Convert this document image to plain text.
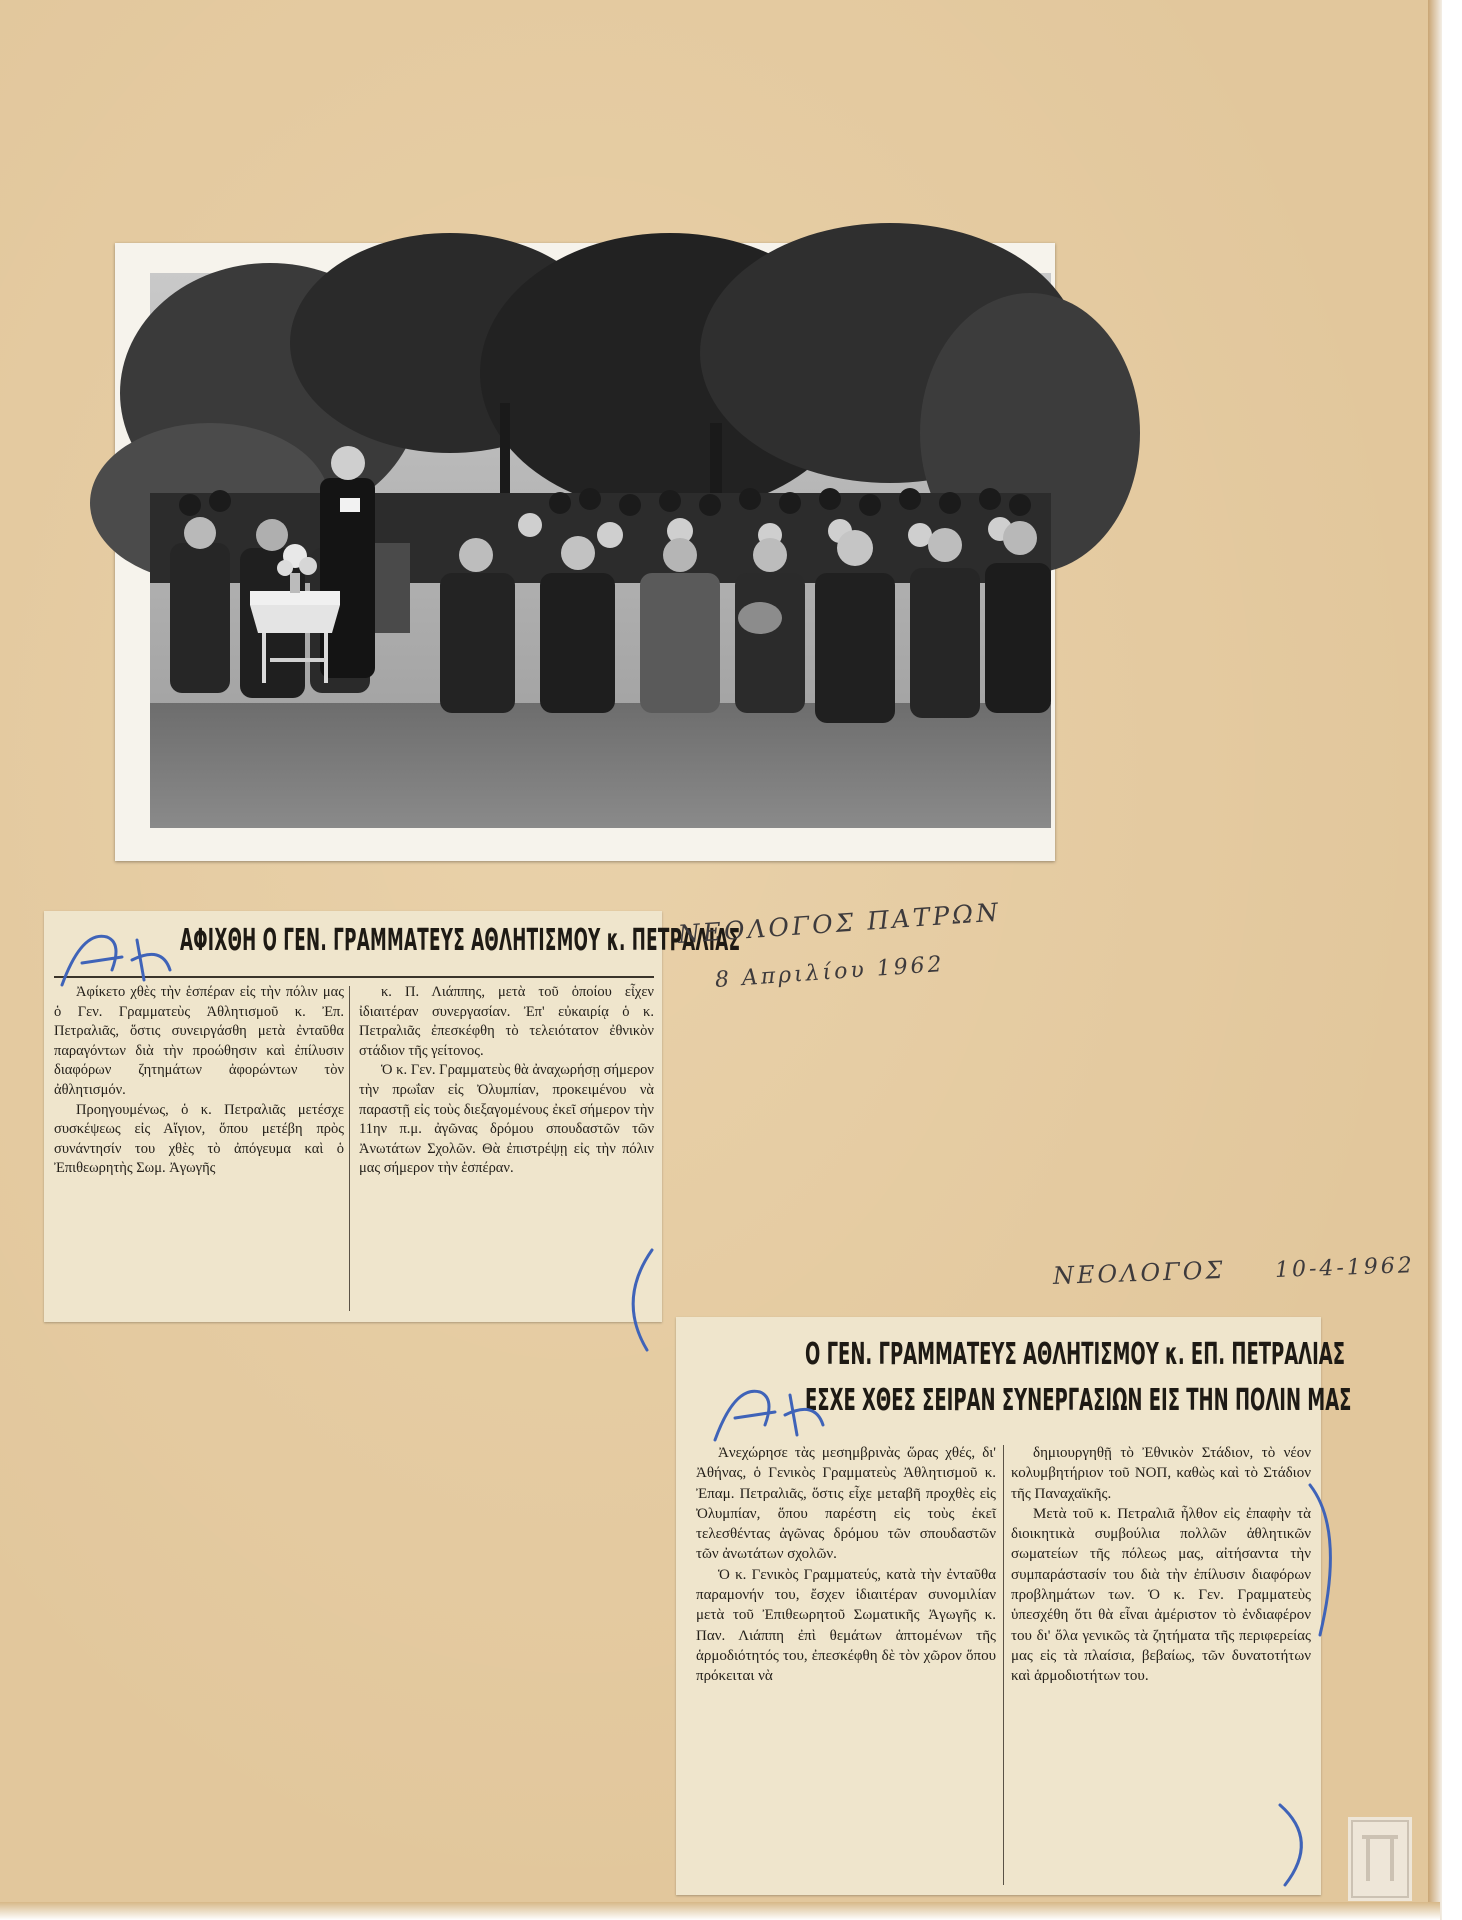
ΑΦΙΧΘΗ Ο ΓΕΝ. ΓΡΑΜΜΑΤΕΥΣ ΑΘΛΗΤΙΣΜΟΥ κ. ΠΕΤΡΑΛΙΑΣ

Ἀφίκετο χθὲς τὴν ἑσπέραν εἰς τὴν πόλιν μας ὁ Γεν. Γραμματεὺς Ἀθλητισμοῦ κ. Ἐπ. Πετραλιᾶς, ὅστις συνειργάσθη μετὰ ἐνταῦθα παραγόντων διὰ τὴν προώθησιν καὶ ἐπίλυσιν διαφόρων ζητημάτων ἀφορώντων τὸν ἀθλητισμόν.

Προηγουμένως, ὁ κ. Πετραλιᾶς μετέσχε συσκέψεως εἰς Αἴγιον, ὅπου μετέβη πρὸς συνάντησίν του χθὲς τὸ ἀπόγευμα καὶ ὁ Ἐπιθεωρητὴς Σωμ. Ἀγωγῆς

κ. Π. Λιάππης, μετὰ τοῦ ὁποίου εἶχεν ἰδιαιτέραν συνεργασίαν. Ἐπ' εὐκαιρίᾳ ὁ κ. Πετραλιᾶς ἐπεσκέφθη τὸ τελειότατον ἐθνικὸν στάδιον τῆς γείτονος.

Ὁ κ. Γεν. Γραμματεὺς θὰ ἀναχωρήσῃ σήμερον τὴν πρωΐαν εἰς Ὀλυμπίαν, προκειμένου νὰ παραστῇ εἰς τοὺς διεξαγομένους ἐκεῖ σήμερον τὴν 11ην π.μ. ἀγῶνας δρόμου σπουδαστῶν τῶν Ἀνωτάτων Σχολῶν. Θὰ ἐπιστρέψῃ εἰς τὴν πόλιν μας σήμερον τὴν ἑσπέραν.

Ο ΓΕΝ. ΓΡΑΜΜΑΤΕΥΣ ΑΘΛΗΤΙΣΜΟΥ κ. ΕΠ. ΠΕΤΡΑΛΙΑΣ
ΕΣΧΕ ΧΘΕΣ ΣΕΙΡΑΝ ΣΥΝΕΡΓΑΣΙΩΝ ΕΙΣ ΤΗΝ ΠΟΛΙΝ ΜΑΣ

Ἀνεχώρησε τὰς μεσημβρινὰς ὥρας χθές, δι' Ἀθήνας, ὁ Γενικὸς Γραμματεὺς Ἀθλητισμοῦ κ. Ἐπαμ. Πετραλιᾶς, ὅστις εἶχε μεταβῆ προχθὲς εἰς Ὀλυμπίαν, ὅπου παρέστη εἰς τοὺς ἐκεῖ τελεσθέντας ἀγῶνας δρόμου τῶν σπουδαστῶν τῶν ἀνωτάτων σχολῶν.

Ὁ κ. Γενικὸς Γραμματεύς, κατὰ τὴν ἐνταῦθα παραμονήν του, ἔσχεν ἰδιαιτέραν συνομιλίαν μετὰ τοῦ Ἐπιθεωρητοῦ Σωματικῆς Ἀγωγῆς κ. Παν. Λιάππη ἐπὶ θεμάτων ἁπτομένων τῆς ἁρμοδιότητός του, ἐπεσκέφθη δὲ τὸν χῶρον ὅπου πρόκειται νὰ

δημιουργηθῇ τὸ Ἐθνικὸν Στάδιον, τὸ νέον κολυμβητήριον τοῦ ΝΟΠ, καθὼς καὶ τὸ Στάδιον τῆς Παναχαϊκῆς.

Μετὰ τοῦ κ. Πετραλιᾶ ἦλθον εἰς ἐπαφὴν τὰ διοικητικὰ συμβούλια πολλῶν ἀθλητικῶν σωματείων τῆς πόλεως μας, αἰτήσαντα τὴν συμπαράστασίν του διὰ τὴν ἐπίλυσιν διαφόρων προβλημάτων των. Ὁ κ. Γεν. Γραμματεὺς ὑπεσχέθη ὅτι θὰ εἶναι ἀμέριστον τὸ ἐνδιαφέρον του δι' ὅλα γενικῶς τὰ ζητήματα τῆς περιφερείας μας εἰς τὰ πλαίσια, βεβαίως, τῶν δυνατοτήτων καὶ ἁρμοδιοτήτων του.

ΝΕΟΛΟΓΟΣ ΠΑΤΡΩΝ
8 Απριλίου 1962
ΝΕΟΛΟΓΟΣ 10-4-1962
